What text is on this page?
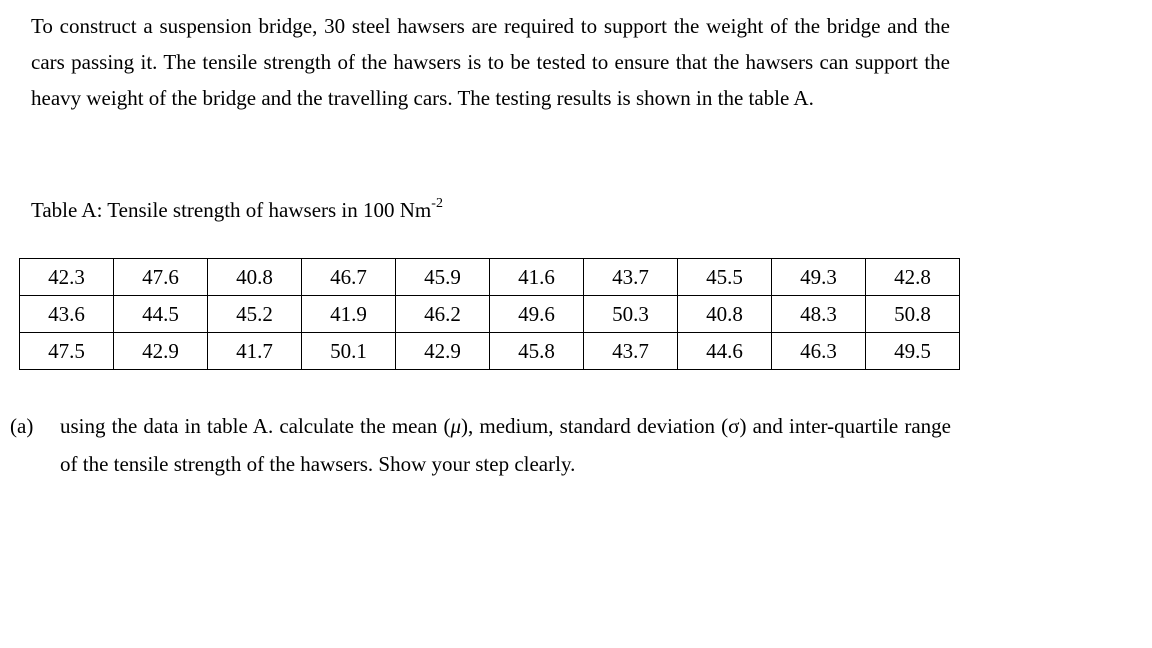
To construct a suspension bridge, 30 steel hawsers are required to support the weight of the bridge and the cars passing it. The tensile strength of the hawsers is to be tested to ensure that the hawsers can support the heavy weight of the bridge and the travelling cars. The testing results is shown in the table A.

Table A: Tensile strength of hawsers in 100 $Nm^{-2}$
42.3	47.6	40.8	46.7	45.9	41.6	43.7	45.5	49.3	42.8
43.6	44.5	45.2	41.9	46.2	49.6	50.3	40.8	48.3	50.8
47.5	42.9	41.7	50.1	42.9	45.8	43.7	44.6	46.3	49.5
(a) using the data in table A. calculate the mean (μ), medium, standard deviation (σ) and inter-quartile range of the tensile strength of the hawsers. Show your step clearly.
